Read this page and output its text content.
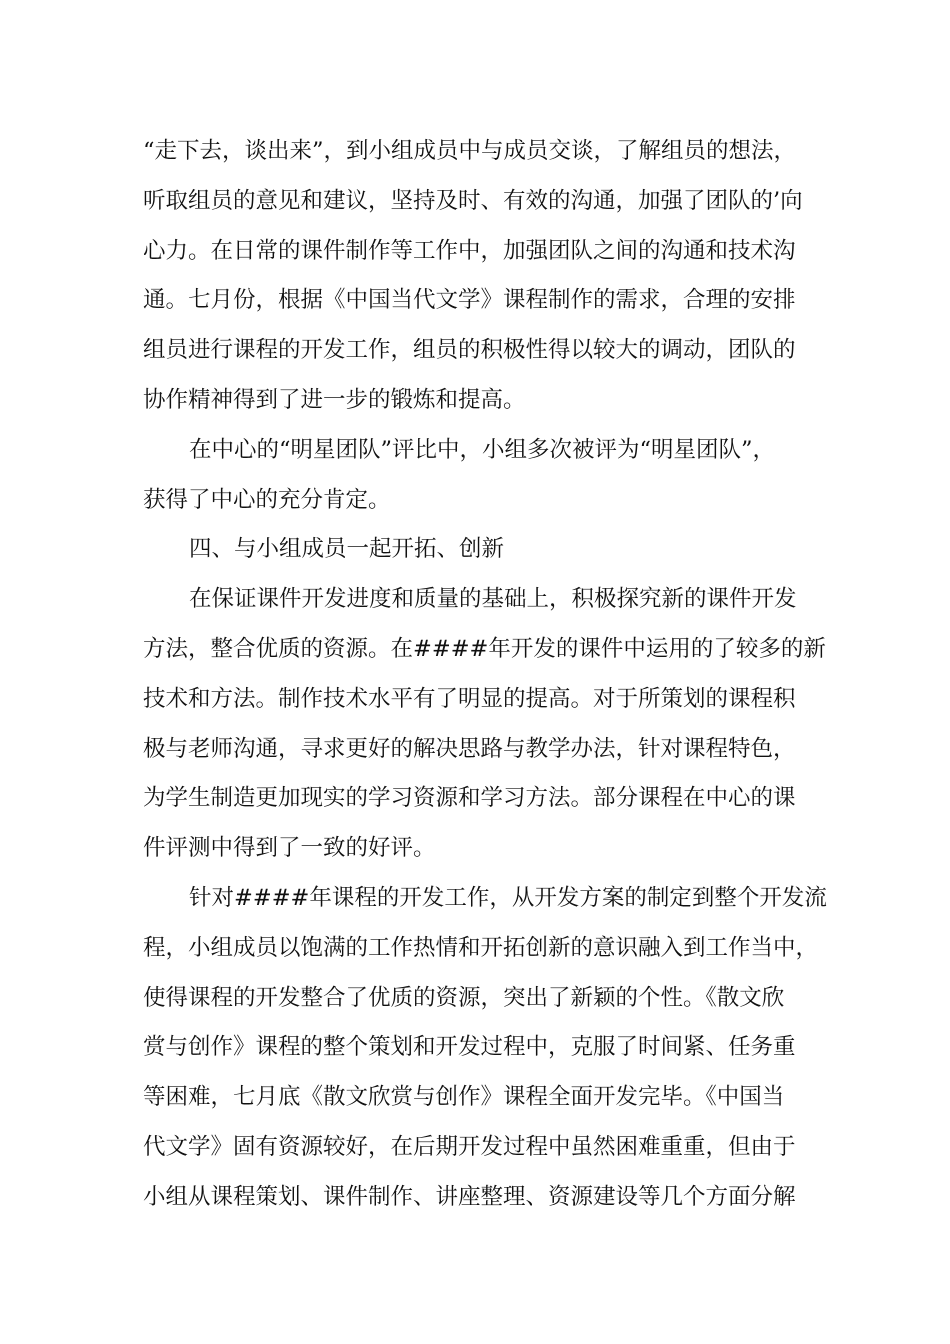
“走下去，谈出来”，到小组成员中与成员交谈，了解组员的想法，
听取组员的意见和建议，坚持及时、有效的沟通，加强了团队的’向
心力。在日常的课件制作等工作中，加强团队之间的沟通和技术沟
通。七月份，根据《中国当代文学》课程制作的需求，合理的安排
组员进行课程的开发工作，组员的积极性得以较大的调动，团队的
协作精神得到了进一步的锻炼和提高。
在中心的“明星团队”评比中，小组多次被评为“明星团队”，
获得了中心的充分肯定。
四、与小组成员一起开拓、创新
在保证课件开发进度和质量的基础上，积极探究新的课件开发
方法，整合优质的资源。在####年开发的课件中运用的了较多的新
技术和方法。制作技术水平有了明显的提高。对于所策划的课程积
极与老师沟通，寻求更好的解决思路与教学办法，针对课程特色，
为学生制造更加现实的学习资源和学习方法。部分课程在中心的课
件评测中得到了一致的好评。
针对####年课程的开发工作，从开发方案的制定到整个开发流
程，小组成员以饱满的工作热情和开拓创新的意识融入到工作当中，
使得课程的开发整合了优质的资源，突出了新颖的个性。《散文欣
赏与创作》课程的整个策划和开发过程中，克服了时间紧、任务重
等困难，七月底《散文欣赏与创作》课程全面开发完毕。《中国当
代文学》固有资源较好，在后期开发过程中虽然困难重重，但由于
小组从课程策划、课件制作、讲座整理、资源建设等几个方面分解
